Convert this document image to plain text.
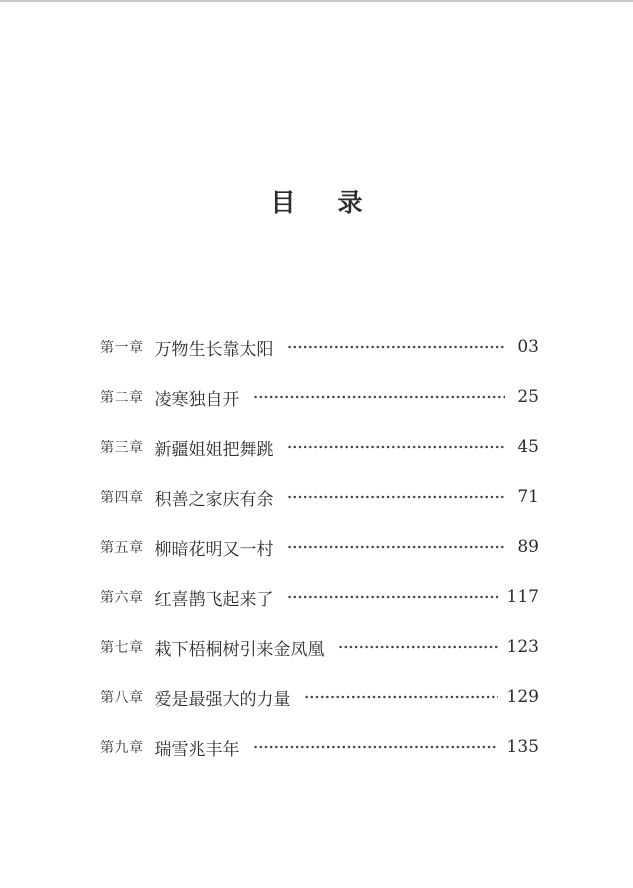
目 录
第一章 万物生长靠太阳	03
第二章 凌寒独自开	25
第三章 新疆姐姐把舞跳	45
第四章 积善之家庆有余	71
第五章 柳暗花明又一村	89
第六章 红喜鹊飞起来了	117
第七章 栽下梧桐树引来金凤凰	123
第八章 爱是最强大的力量	129
第九章 瑞雪兆丰年	135
